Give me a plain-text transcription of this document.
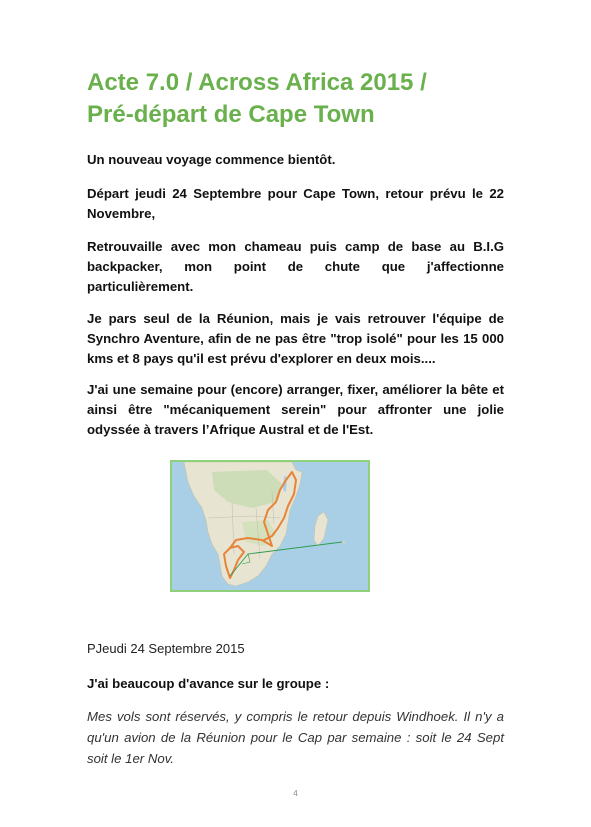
Acte 7.0 / Across Africa 2015 /
Pré-départ de Cape Town

Un nouveau voyage commence bientôt.

Départ jeudi 24 Septembre pour Cape Town, retour prévu le 22 Novembre,

Retrouvaille avec mon chameau puis camp de base au B.I.G backpacker, mon point de chute que j'affectionne particulièrement.

Je pars seul de la Réunion, mais je vais retrouver l'équipe de Synchro Aventure, afin de ne pas être "trop isolé" pour les 15 000 kms et 8 pays qu'il est prévu d'explorer en deux mois....

J'ai une semaine pour (encore) arranger, fixer, améliorer la bête et ainsi être "mécaniquement serein" pour affronter une jolie odyssée à travers l’Afrique Austral et de l'Est.

PJeudi 24 Septembre 2015

J'ai beaucoup d'avance sur le groupe :

Mes vols sont réservés, y compris le retour depuis Windhoek. Il n'y a qu'un avion de la Réunion pour le Cap par semaine : soit le 24 Sept soit le 1er Nov.

4
